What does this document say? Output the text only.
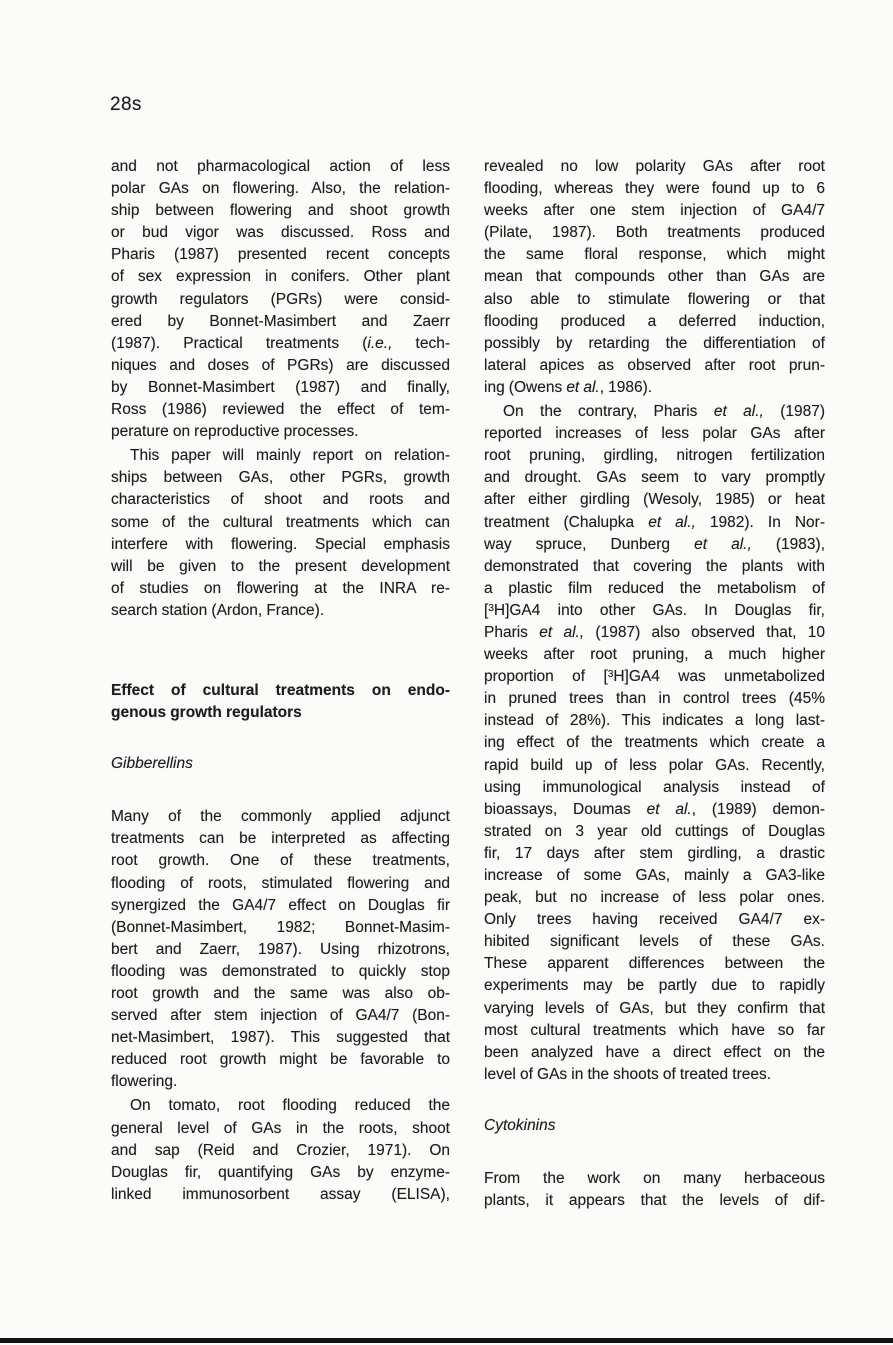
28s
and not pharmacological action of less
polar GAs on flowering. Also, the relation-
ship between flowering and shoot growth
or bud vigor was discussed. Ross and
Pharis (1987) presented recent concepts
of sex expression in conifers. Other plant
growth regulators (PGRs) were consid-
ered by Bonnet-Masimbert and Zaerr
(1987). Practical treatments (i.e., tech-
niques and doses of PGRs) are discussed
by Bonnet-Masimbert (1987) and finally,
Ross (1986) reviewed the effect of tem-
perature on reproductive processes.
This paper will mainly report on relation-
ships between GAs, other PGRs, growth
characteristics of shoot and roots and
some of the cultural treatments which can
interfere with flowering. Special emphasis
will be given to the present development
of studies on flowering at the INRA re-
search station (Ardon, France).
Effect of cultural treatments on endo-
genous growth regulators
Gibberellins
Many of the commonly applied adjunct
treatments can be interpreted as affecting
root growth. One of these treatments,
flooding of roots, stimulated flowering and
synergized the GA4/7 effect on Douglas fir
(Bonnet-Masimbert, 1982; Bonnet-Masim-
bert and Zaerr, 1987). Using rhizotrons,
flooding was demonstrated to quickly stop
root growth and the same was also ob-
served after stem injection of GA4/7 (Bon-
net-Masimbert, 1987). This suggested that
reduced root growth might be favorable to
flowering.
On tomato, root flooding reduced the
general level of GAs in the roots, shoot
and sap (Reid and Crozier, 1971). On
Douglas fir, quantifying GAs by enzyme-
linked immunosorbent assay (ELISA),
revealed no low polarity GAs after root
flooding, whereas they were found up to 6
weeks after one stem injection of GA4/7
(Pilate, 1987). Both treatments produced
the same floral response, which might
mean that compounds other than GAs are
also able to stimulate flowering or that
flooding produced a deferred induction,
possibly by retarding the differentiation of
lateral apices as observed after root prun-
ing (Owens et al., 1986).
On the contrary, Pharis et al., (1987)
reported increases of less polar GAs after
root pruning, girdling, nitrogen fertilization
and drought. GAs seem to vary promptly
after either girdling (Wesoly, 1985) or heat
treatment (Chalupka et al., 1982). In Nor-
way spruce, Dunberg et al., (1983),
demonstrated that covering the plants with
a plastic film reduced the metabolism of
[$^3$H]GA4 into other GAs. In Douglas fir,
Pharis et al., (1987) also observed that, 10
weeks after root pruning, a much higher
proportion of [$^3$H]GA4 was unmetabolized
in pruned trees than in control trees (45%
instead of 28%). This indicates a long last-
ing effect of the treatments which create a
rapid build up of less polar GAs. Recently,
using immunological analysis instead of
bioassays, Doumas et al., (1989) demon-
strated on 3 year old cuttings of Douglas
fir, 17 days after stem girdling, a drastic
increase of some GAs, mainly a GA3-like
peak, but no increase of less polar ones.
Only trees having received GA4/7 ex-
hibited significant levels of these GAs.
These apparent differences between the
experiments may be partly due to rapidly
varying levels of GAs, but they confirm that
most cultural treatments which have so far
been analyzed have a direct effect on the
level of GAs in the shoots of treated trees.
Cytokinins
From the work on many herbaceous
plants, it appears that the levels of dif-
